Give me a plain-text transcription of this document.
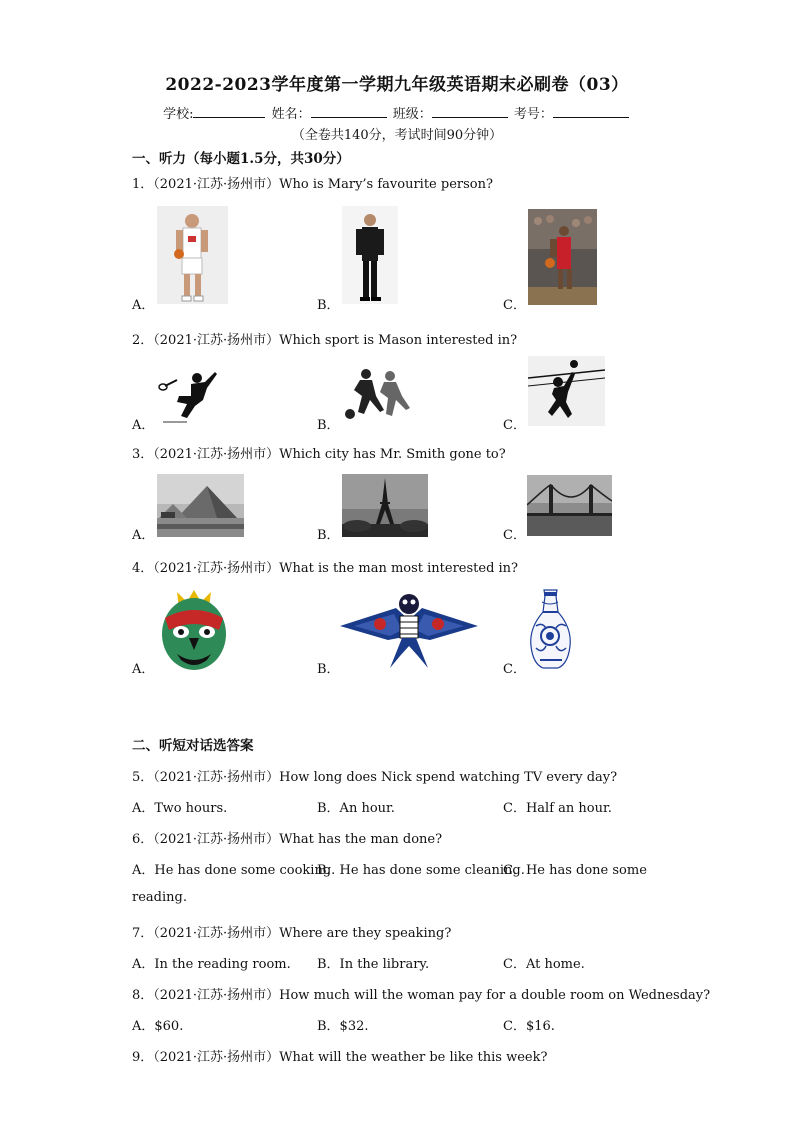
2022-2023学年度第一学期九年级英语期末必刷卷（03）
学校:	姓名：	班级：	考号：
（全卷共140分，考试时间90分钟）
一、听力（每小题1.5分，共30分）
1．（2021·江苏·扬州市）Who is Mary’s favourite person?
A．	B．	C．
2．（2021·江苏·扬州市）Which sport is Mason interested in?
A．	B．	C．
3．（2021·江苏·扬州市）Which city has Mr. Smith gone to?
A．	B．	C．
4．（2021·江苏·扬州市）What is the man most interested in?
A．	B．	C．
二、听短对话选答案
5．（2021·江苏·扬州市）How long does Nick spend watching TV every day?
A．Two hours.	B．An hour.	C．Half an hour.
6．（2021·江苏·扬州市）What has the man done?
A．He has done some cooking.
B．He has done some cleaning.
C．He has done some
reading.
7．（2021·江苏·扬州市）Where are they speaking?
A．In the reading room. B．In the library.	C．At home.
8．（2021·江苏·扬州市）How much will the woman pay for a double room on Wednesday?
A．$60.	B．$32.	C．$16.
9．（2021·江苏·扬州市）What will the weather be like this week?
